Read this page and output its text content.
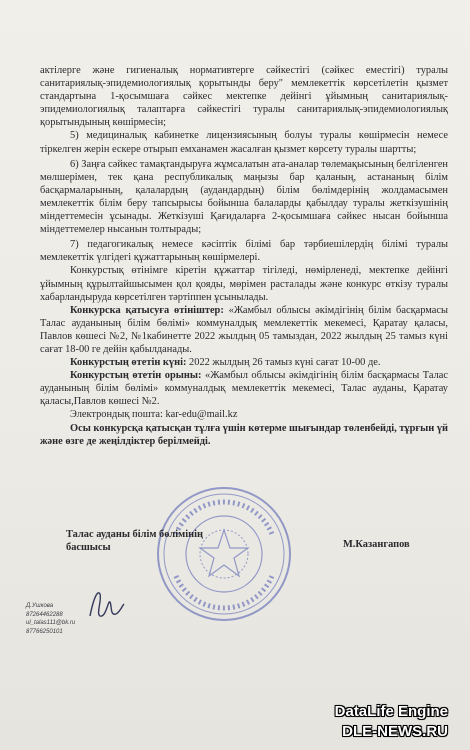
актілерге және гигиеналық нормативтерге сәйкестігі (сәйкес еместігі) туралы санитариялық-эпидемиологиялық қорытынды беру" мемлекеттік көрсетілетін қызмет стандартына 1-қосымшаға сәйкес мектепке дейінгі ұйымның санитариялық-эпидемиологиялық талаптарға сәйкестігі туралы санитариялық-эпидемиологиялық қорытындының көшірмесін;

5) медициналық кабинетке лицензиясының болуы туралы көшірмесін немесе тіркелген жерін ескере отырып емханамен жасалған қызмет көрсету туралы шартты;

6) Заңға сәйкес тамақтандыруға жұмсалатын ата-аналар төлемақысының белгіленген мөлшерімен, тек қана республикалық маңызы бар қаланың, астананың білім басқармаларының, қалалардың (аудандардың) білім бөлімдерінің жолдамасымен мемлекеттік білім беру тапсырысы бойынша балаларды қабылдау туралы жеткізушінің міндеттемесін ұсынады. Жеткізуші Қағидаларға 2-қосымшаға сәйкес нысан бойынша міндеттемелер нысанын толтырады;

7) педагогикалық немесе кәсіптік білімі бар тәрбиешілердің білімі туралы мемлекеттік үлгідегі құжаттарының көшірмелері.

Конкурстық өтінімге кіретін құжаттар тігіледі, нөмірленеді, мектепке дейінгі ұйымның құрылтайшысымен қол қояды, мөрімен расталады және конкурс өткізу туралы хабарландыруда көрсетілген тәртіппен ұсынылады.

Конкурска қатысуға өтініштер: «Жамбыл облысы әкімдігінің білім басқармасы Талас ауданының білім бөлімі» коммуналдық мемлекеттік мекемесі, Қаратау қаласы, Павлов көшесі №2, №1кабинетте 2022 жылдың 05 тамыздан, 2022 жылдың 25 тамыз күні сағат 18-00 ге дейін қабылданады.

Конкурстың өтетін күні: 2022 жылдың 26 тамыз күні сағат 10-00 де.

Конкурстың өтетін орыны: «Жамбыл облысы әкімдігінің білім басқармасы Талас ауданының білім бөлімі» коммуналдық мемлекеттік мекемесі, Талас ауданы, Қаратау қаласы,Павлов көшесі №2.

Электрондық пошта: kar-edu@mail.kz

Осы конкурсқа қатысқан тұлға үшін көтерме шығындар төленбейді, тұрғын үй және өзге де жеңілдіктер берілмейді.

Талас ауданы білім бөлімінің басшысы	М.Казангапов
Д.Ушкова
87264462288
ul_talas111@bk.ru
87766250101
DataLife Engine
DLE-NEWS.RU
